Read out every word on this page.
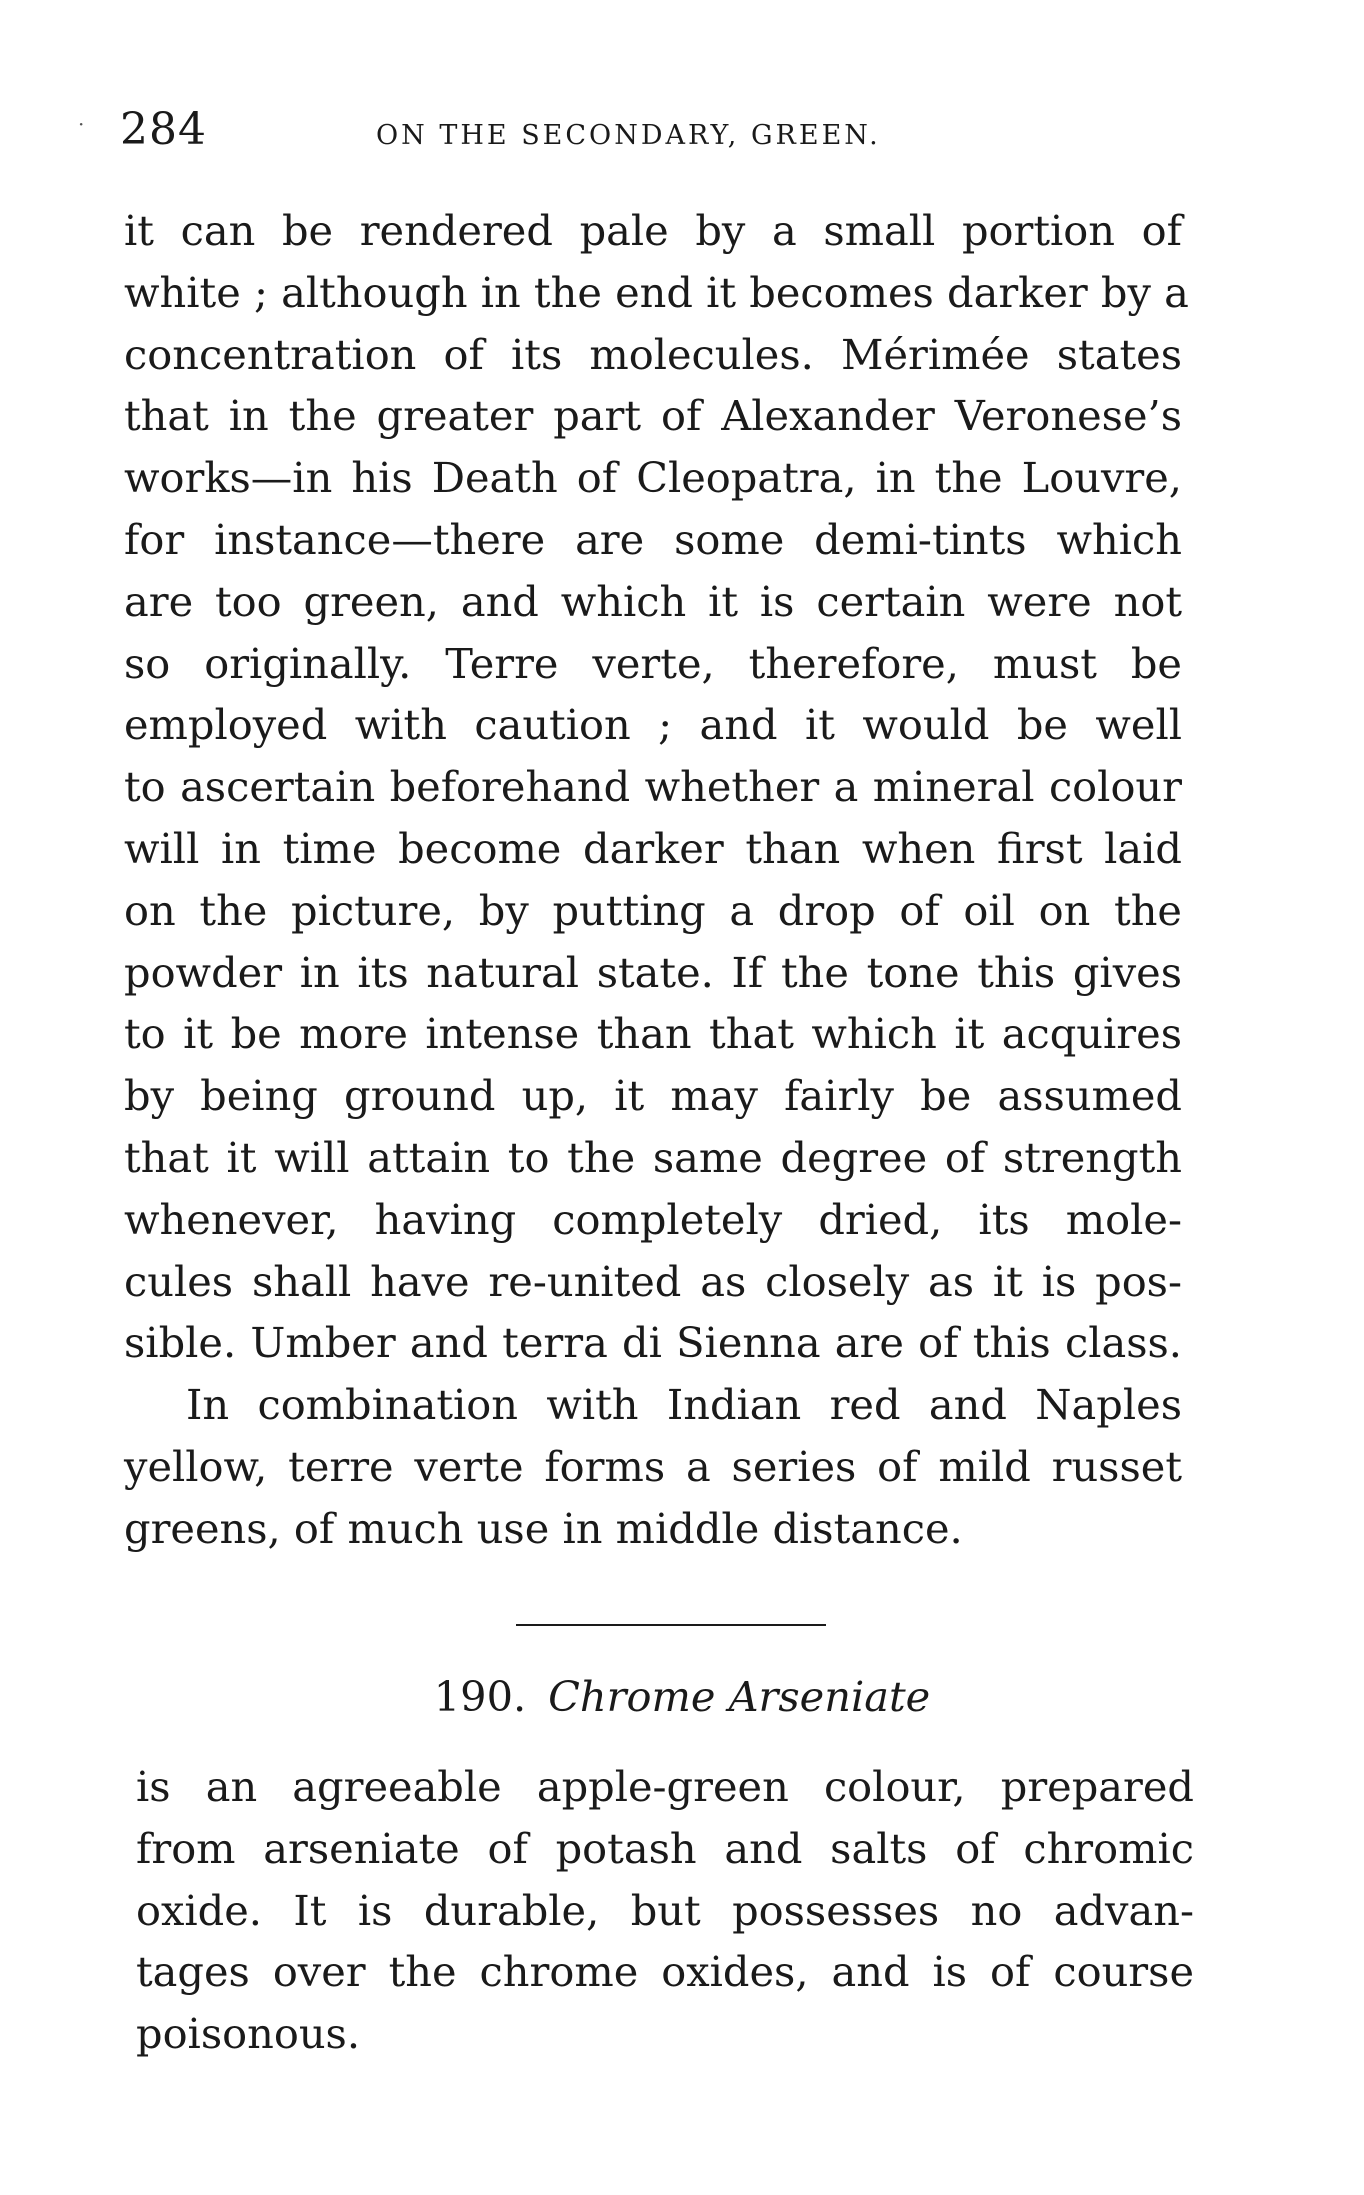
· 284	ON THE SECONDARY, GREEN.
it can be rendered pale by a small portion of
white ; although in the end it becomes darker by a
concentration of its molecules. Mérimée states
that in the greater part of Alexander Veronese’s
works—in his Death of Cleopatra, in the Louvre,
for instance—there are some demi-tints which
are too green, and which it is certain were not
so originally. Terre verte, therefore, must be
employed with caution ; and it would be well
to ascertain beforehand whether a mineral colour
will in time become darker than when first laid
on the picture, by putting a drop of oil on the
powder in its natural state. If the tone this gives
to it be more intense than that which it acquires
by being ground up, it may fairly be assumed
that it will attain to the same degree of strength
whenever, having completely dried, its mole-
cules shall have re-united as closely as it is pos-
sible. Umber and terra di Sienna are of this class.
In combination with Indian red and Naples
yellow, terre verte forms a series of mild russet
greens, of much use in middle distance.
190. Chrome Arseniate
is an agreeable apple-green colour, prepared
from arseniate of potash and salts of chromic
oxide. It is durable, but possesses no advan-
tages over the chrome oxides, and is of course
poisonous.
